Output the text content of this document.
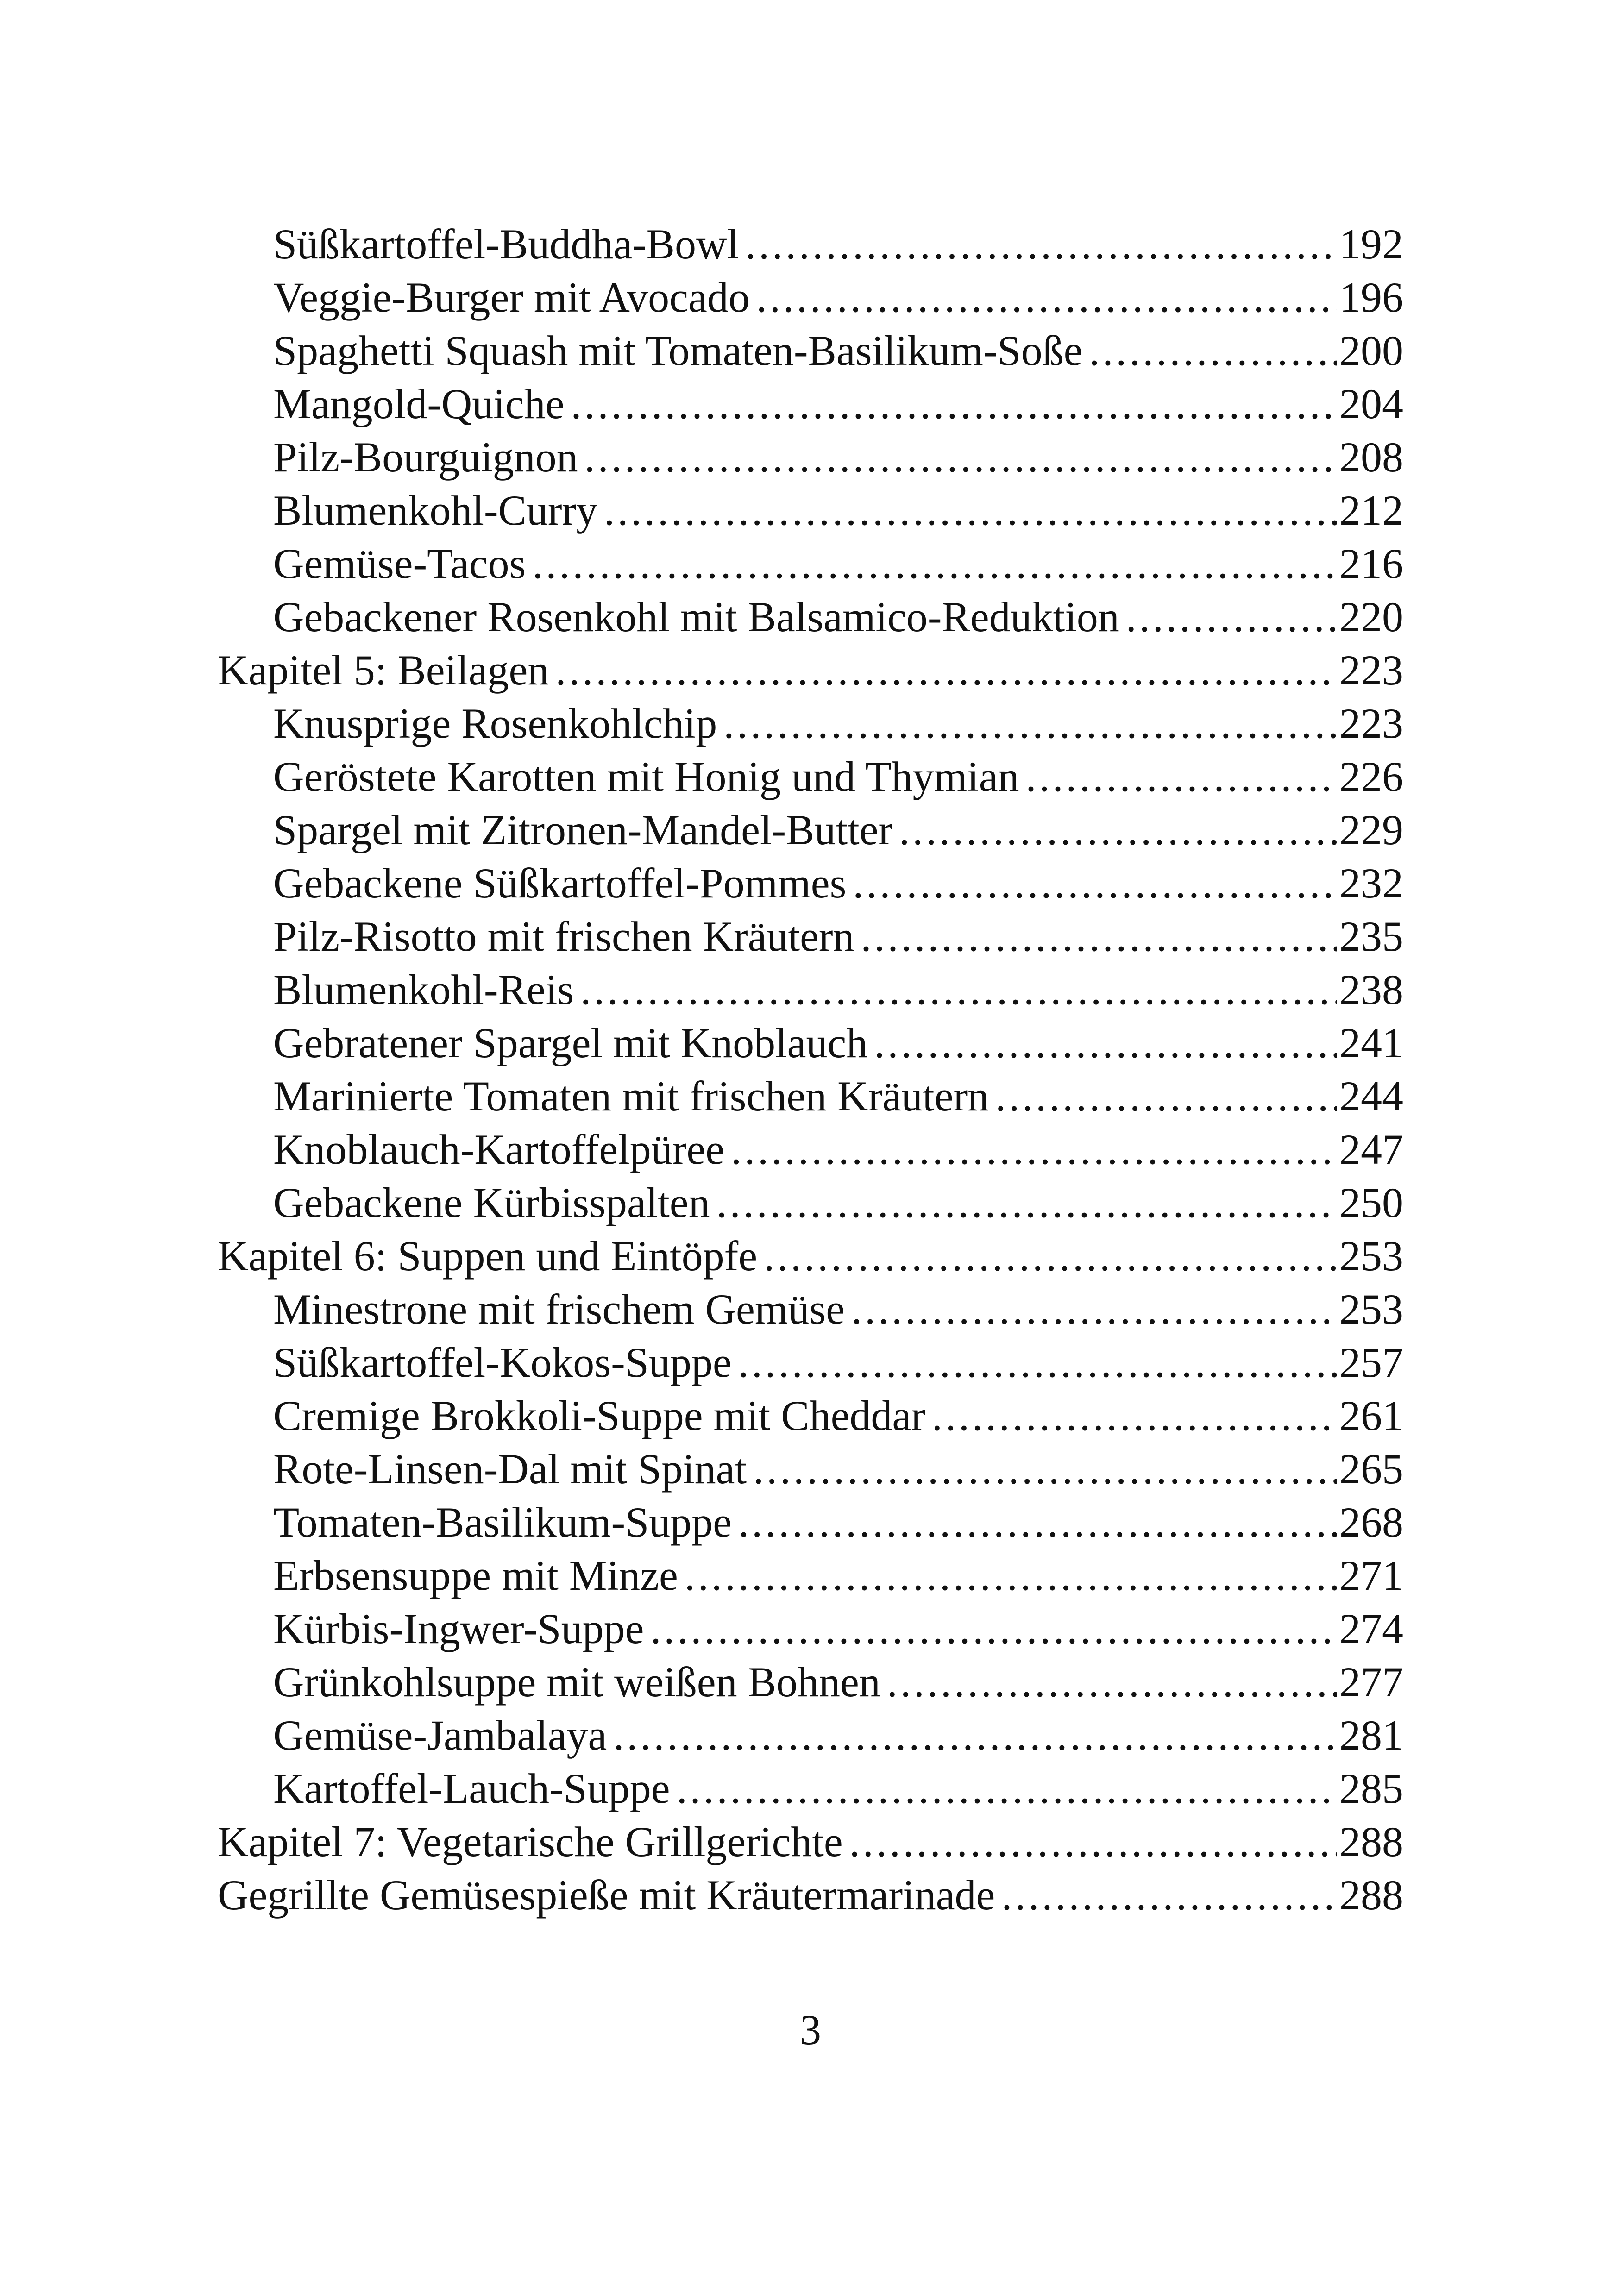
Süßkartoffel-Buddha-Bowl .....	192
Veggie-Burger mit Avocado .....	196
Spaghetti Squash mit Tomaten-Basilikum-Soße .....	200
Mangold-Quiche .....	204
Pilz-Bourguignon .....	208
Blumenkohl-Curry .....	212
Gemüse-Tacos .....	216
Gebackener Rosenkohl mit Balsamico-Reduktion .....	220
Kapitel 5: Beilagen .....	223
Knusprige Rosenkohlchip .....	223
Geröstete Karotten mit Honig und Thymian .....	226
Spargel mit Zitronen-Mandel-Butter .....	229
Gebackene Süßkartoffel-Pommes .....	232
Pilz-Risotto mit frischen Kräutern .....	235
Blumenkohl-Reis .....	238
Gebratener Spargel mit Knoblauch .....	241
Marinierte Tomaten mit frischen Kräutern .....	244
Knoblauch-Kartoffelpüree .....	247
Gebackene Kürbisspalten .....	250
Kapitel 6: Suppen und Eintöpfe .....	253
Minestrone mit frischem Gemüse .....	253
Süßkartoffel-Kokos-Suppe .....	257
Cremige Brokkoli-Suppe mit Cheddar .....	261
Rote-Linsen-Dal mit Spinat .....	265
Tomaten-Basilikum-Suppe .....	268
Erbsensuppe mit Minze .....	271
Kürbis-Ingwer-Suppe .....	274
Grünkohlsuppe mit weißen Bohnen .....	277
Gemüse-Jambalaya .....	281
Kartoffel-Lauch-Suppe .....	285
Kapitel 7: Vegetarische Grillgerichte .....	288
Gegrillte Gemüsespieße mit Kräutermarinade .....	288
3
